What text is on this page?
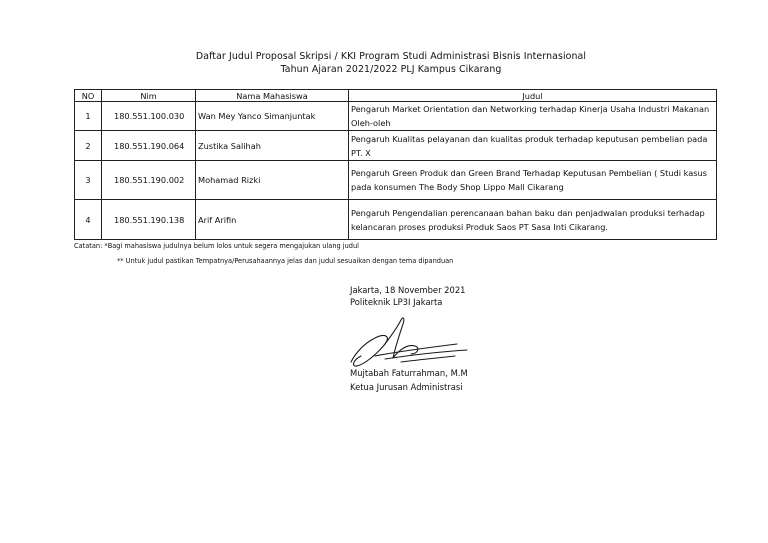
Daftar Judul Proposal Skripsi / KKI Program Studi Administrasi Bisnis Internasional
Tahun Ajaran 2021/2022 PLJ Kampus Cikarang
NO	Nim	Nama Mahasiswa	Judul
1	180.551.100.030	Wan Mey Yanco Simanjuntak	Pengaruh Market Orientation dan Networking terhadap Kinerja Usaha Industri Makanan Oleh-oleh
2	180.551.190.064	Zustika Salihah	Pengaruh Kualitas pelayanan dan kualitas produk terhadap keputusan pembelian pada PT. X
3	180.551.190.002	Mohamad Rizki	Pengaruh Green Produk dan Green Brand Terhadap Keputusan Pembelian ( Studi kasus pada konsumen The Body Shop Lippo Mall Cikarang
4	180.551.190.138	Arif Arifin	Pengaruh Pengendalian perencanaan bahan baku dan penjadwalan produksi terhadap kelancaran proses produksi Produk Saos PT Sasa Inti Cikarang.
Catatan: *Bagi mahasiswa judulnya belum lolos untuk segera mengajukan ulang judul
** Untuk judul pastikan Tempatnya/Perusahaannya jelas dan judul sesuaikan dengan tema dipanduan
Jakarta, 18 November 2021
Politeknik LP3I Jakarta
Mujtabah Faturrahman, M.M
Ketua Jurusan Administrasi
